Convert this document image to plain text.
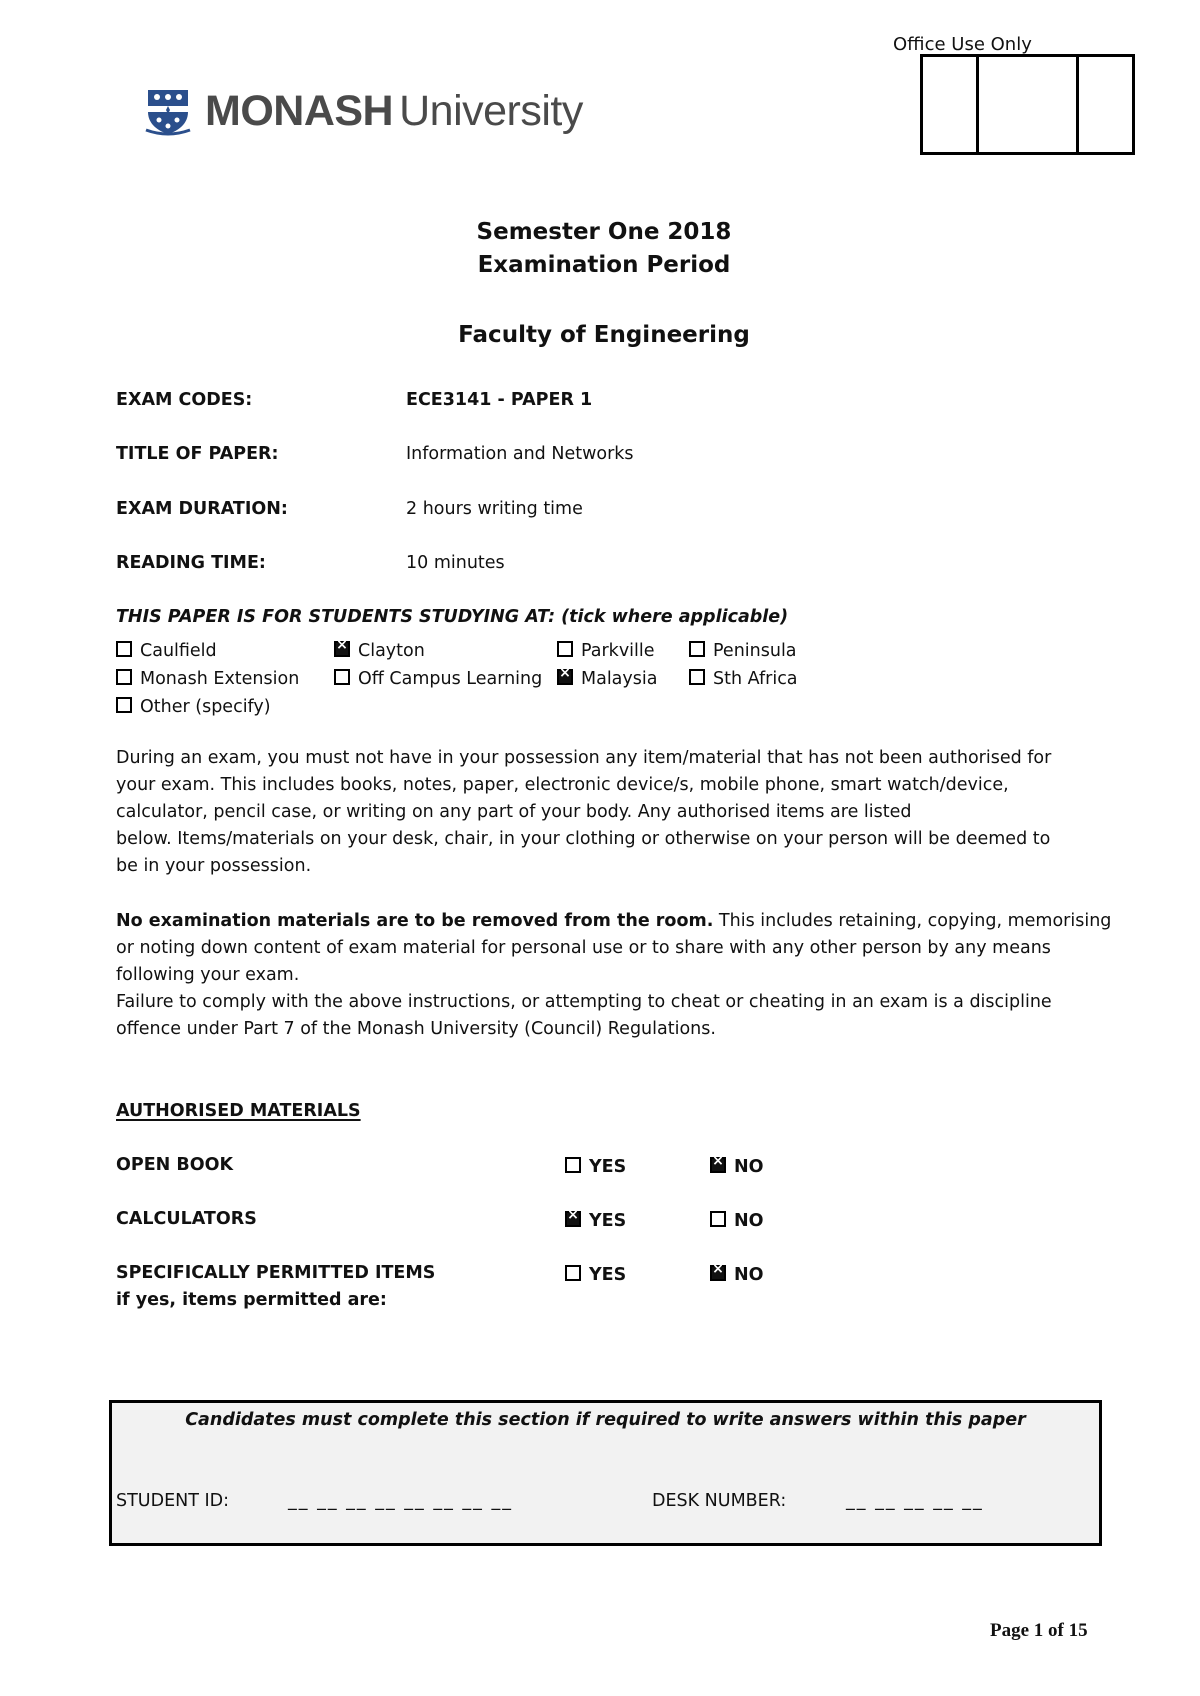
MONASH University
Office Use Only
Semester One 2018
Examination Period
Faculty of Engineering
EXAM CODES:	ECE3141 - PAPER 1
TITLE OF PAPER:	Information and Networks
EXAM DURATION:	2 hours writing time
READING TIME:	10 minutes
THIS PAPER IS FOR STUDENTS STUDYING AT: (tick where applicable)
Caulfield ×	Clayton	Parkville	Peninsula
Monash Extension	Off Campus Learning ×	Malaysia	Sth Africa
Other (specify)
During an exam, you must not have in your possession any item/material that has not been authorised for
your exam. This includes books, notes, paper, electronic device/s, mobile phone, smart watch/device,
calculator, pencil case, or writing on any part of your body. Any authorised items are listed
below. Items/materials on your desk, chair, in your clothing or otherwise on your person will be deemed to
be in your possession.
No examination materials are to be removed from the room. This includes retaining, copying, memorising
or noting down content of exam material for personal use or to share with any other person by any means
following your exam.
Failure to comply with the above instructions, or attempting to cheat or cheating in an exam is a discipline
offence under Part 7 of the Monash University (Council) Regulations.
AUTHORISED MATERIALS
OPEN BOOK	YES ×	NO
CALCULATORS ×	YES	NO
SPECIFICALLY PERMITTED ITEMS	YES ×	NO
if yes, items permitted are:
Candidates must complete this section if required to write answers within this paper
STUDENT ID:	__ __ __ __ __ __ __ __	DESK NUMBER:	__ __ __ __ __
Page 1 of 15
